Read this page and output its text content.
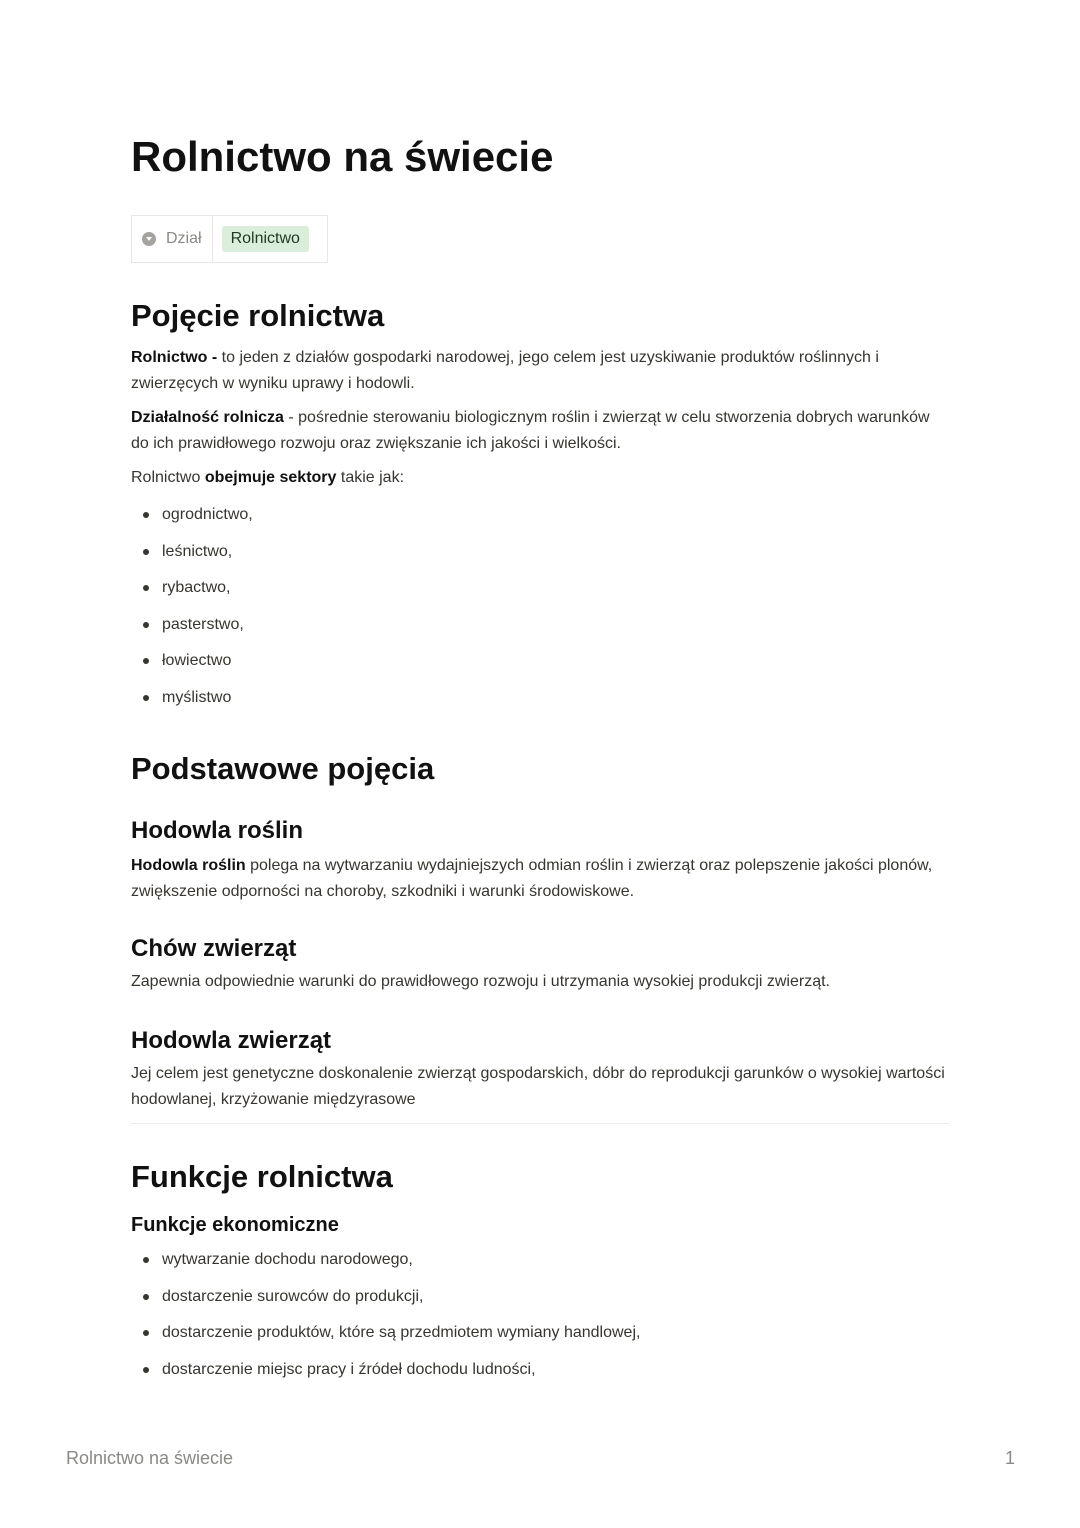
Rolnictwo na świecie
Dział	Rolnictwo
Pojęcie rolnictwa

Rolnictwo - to jeden z działów gospodarki narodowej, jego celem jest uzyskiwanie produktów roślinnych i zwierzęcych w wyniku uprawy i hodowli.

Działalność rolnicza - pośrednie sterowaniu biologicznym roślin i zwierząt w celu stworzenia dobrych warunków do ich prawidłowego rozwoju oraz zwiększanie ich jakości i wielkości.

Rolnictwo obejmuje sektory takie jak:

ogrodnictwo,
leśnictwo,
rybactwo,
pasterstwo,
łowiectwo
myślistwo
Podstawowe pojęcia
Hodowla roślin

Hodowla roślin polega na wytwarzaniu wydajniejszych odmian roślin i zwierząt oraz polepszenie jakości plonów, zwiększenie odporności na choroby, szkodniki i warunki środowiskowe.

Chów zwierząt

Zapewnia odpowiednie warunki do prawidłowego rozwoju i utrzymania wysokiej produkcji zwierząt.

Hodowla zwierząt

Jej celem jest genetyczne doskonalenie zwierząt gospodarskich, dóbr do reprodukcji garunków o wysokiej wartości hodowlanej, krzyżowanie międzyrasowe

Funkcje rolnictwa
Funkcje ekonomiczne
wytwarzanie dochodu narodowego,
dostarczenie surowców do produkcji,
dostarczenie produktów, które są przedmiotem wymiany handlowej,
dostarczenie miejsc pracy i źródeł dochodu ludności,
Rolnictwo na świecie	1
